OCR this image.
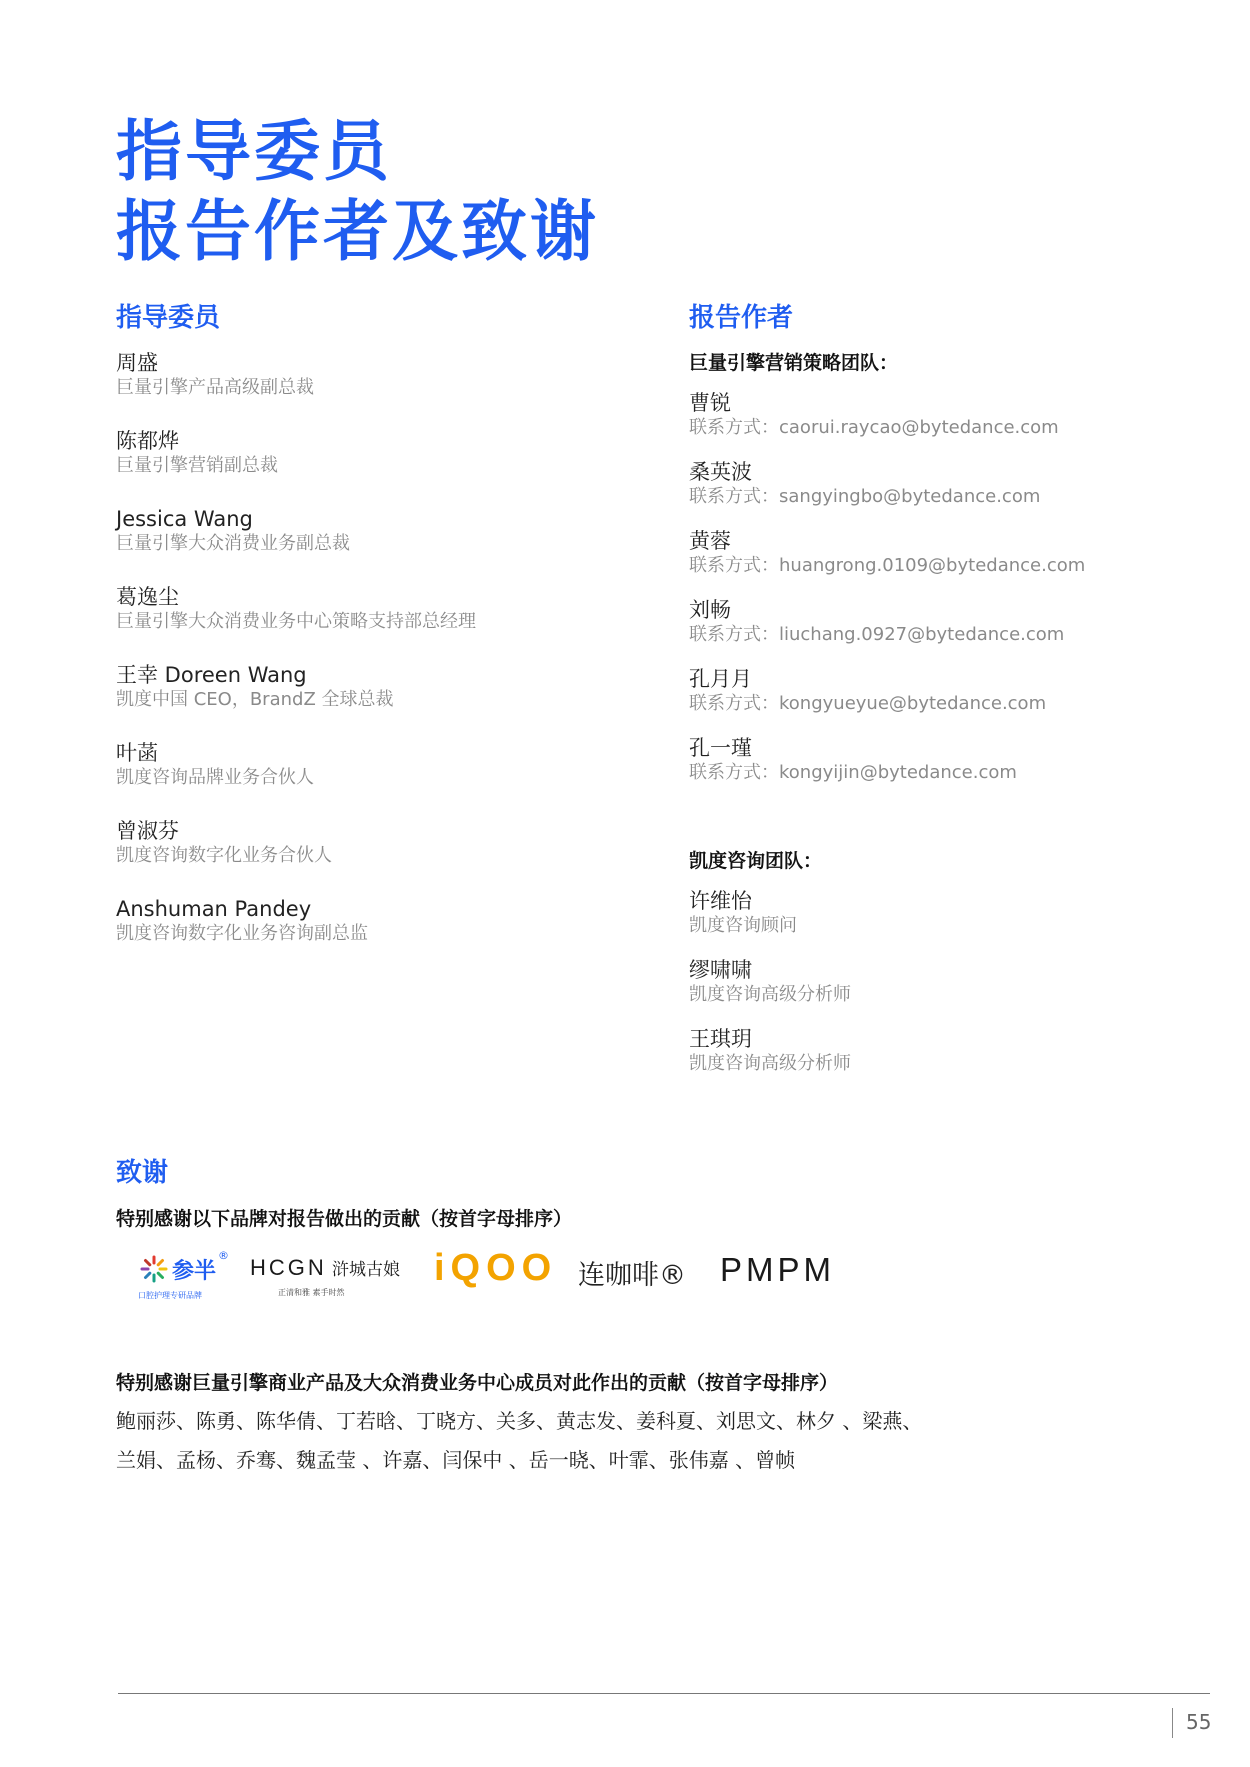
指导委员
报告作者及致谢
指导委员
周盛
巨量引擎产品高级副总裁
陈都烨
巨量引擎营销副总裁
Jessica Wang
巨量引擎大众消费业务副总裁
葛逸尘
巨量引擎大众消费业务中心策略支持部总经理
王幸 Doreen Wang
凯度中国 CEO，BrandZ 全球总裁
叶菡
凯度咨询品牌业务合伙人
曾淑芬
凯度咨询数字化业务合伙人
Anshuman Pandey
凯度咨询数字化业务咨询副总监
报告作者
巨量引擎营销策略团队：
曹锐
联系方式：caorui.raycao@bytedance.com
桑英波
联系方式：sangyingbo@bytedance.com
黄蓉
联系方式：huangrong.0109@bytedance.com
刘畅
联系方式：liuchang.0927@bytedance.com
孔月月
联系方式：kongyueyue@bytedance.com
孔一瑾
联系方式：kongyijin@bytedance.com
凯度咨询团队：
许维怡
凯度咨询顾问
缪啸啸
凯度咨询高级分析师
王琪玥
凯度咨询高级分析师
致谢
特别感谢以下品牌对报告做出的贡献（按首字母排序）
参半
®
口腔护理专研品牌
HCGN 浒城古娘
正清和雅 素手时然
iQOO 连咖啡® PMPM
特别感谢巨量引擎商业产品及大众消费业务中心成员对此作出的贡献（按首字母排序）
鲍丽莎、陈勇、陈华倩、丁若晗、丁晓方、关多、黄志发、姜科夏、刘思文、林夕 、梁燕、
兰娟、孟杨、乔骞、魏孟莹 、许嘉、闫保中 、岳一晓、叶霏、张伟嘉 、曾帧
55
